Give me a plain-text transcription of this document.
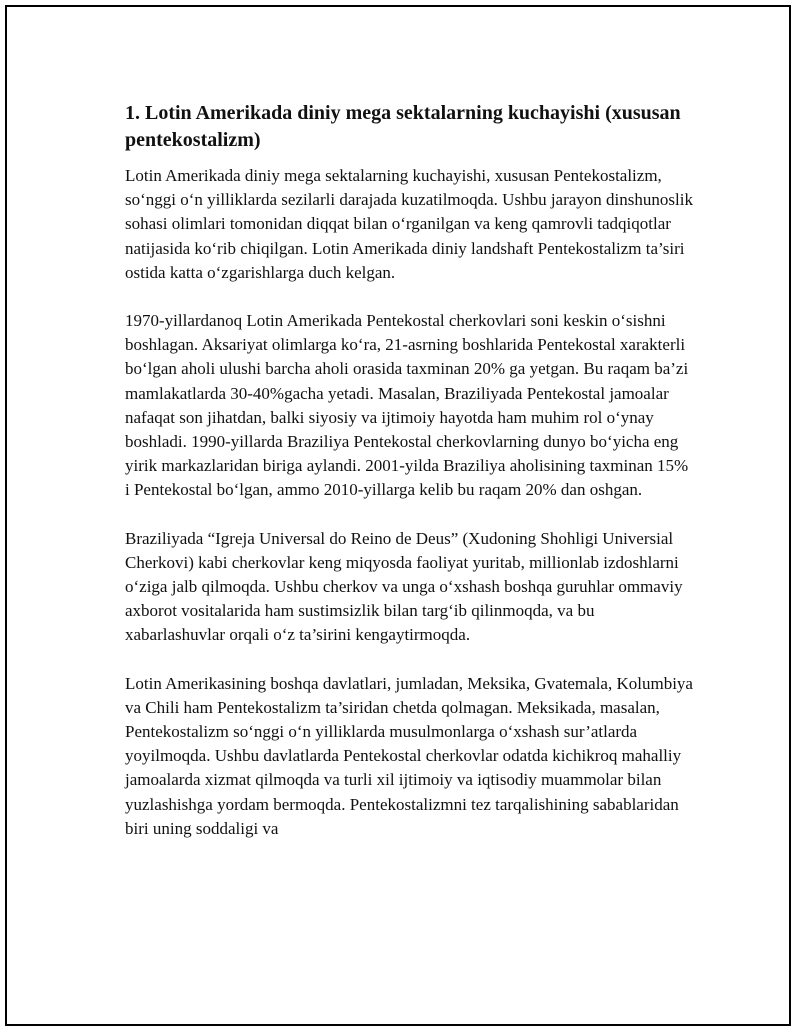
1. Lotin Amerikada diniy mega sektalarning kuchayishi (xususan pentekostalizm)

Lotin Amerikada diniy mega sektalarning kuchayishi, xususan Pentekostalizm, so‘nggi o‘n yilliklarda sezilarli darajada kuzatilmoqda. Ushbu jarayon dinshunoslik sohasi olimlari tomonidan diqqat bilan o‘rganilgan va keng qamrovli tadqiqotlar natijasida ko‘rib chiqilgan. Lotin Amerikada diniy landshaft Pentekostalizm ta’siri ostida katta o‘zgarishlarga duch kelgan.

1970-yillardanoq Lotin Amerikada Pentekostal cherkovlari soni keskin o‘sishni boshlagan. Aksariyat olimlarga ko‘ra, 21-asrning boshlarida Pentekostal xarakterli bo‘lgan aholi ulushi barcha aholi orasida taxminan 20% ga yetgan. Bu raqam ba’zi mamlakatlarda 30-40%gacha yetadi. Masalan, Braziliyada Pentekostal jamoalar nafaqat son jihatdan, balki siyosiy va ijtimoiy hayotda ham muhim rol o‘ynay boshladi. 1990-yillarda Braziliya Pentekostal cherkovlarning dunyo bo‘yicha eng yirik markazlaridan biriga aylandi. 2001-yilda Braziliya aholisining taxminan 15% i Pentekostal bo‘lgan, ammo 2010-yillarga kelib bu raqam 20% dan oshgan.

Braziliyada “Igreja Universal do Reino de Deus” (Xudoning Shohligi Universial Cherkovi) kabi cherkovlar keng miqyosda faoliyat yuritab, millionlab izdoshlarni o‘ziga jalb qilmoqda. Ushbu cherkov va unga o‘xshash boshqa guruhlar ommaviy axborot vositalarida ham sustimsizlik bilan targ‘ib qilinmoqda, va bu xabarlashuvlar orqali o‘z ta’sirini kengaytirmoqda.

Lotin Amerikasining boshqa davlatlari, jumladan, Meksika, Gvatemala, Kolumbiya va Chili ham Pentekostalizm ta’siridan chetda qolmagan. Meksikada, masalan, Pentekostalizm so‘nggi o‘n yilliklarda musulmonlarga o‘xshash sur’atlarda yoyilmoqda. Ushbu davlatlarda Pentekostal cherkovlar odatda kichikroq mahalliy jamoalarda xizmat qilmoqda va turli xil ijtimoiy va iqtisodiy muammolar bilan yuzlashishga yordam bermoqda. Pentekostalizmni tez tarqalishining sabablaridan biri uning soddaligi va
